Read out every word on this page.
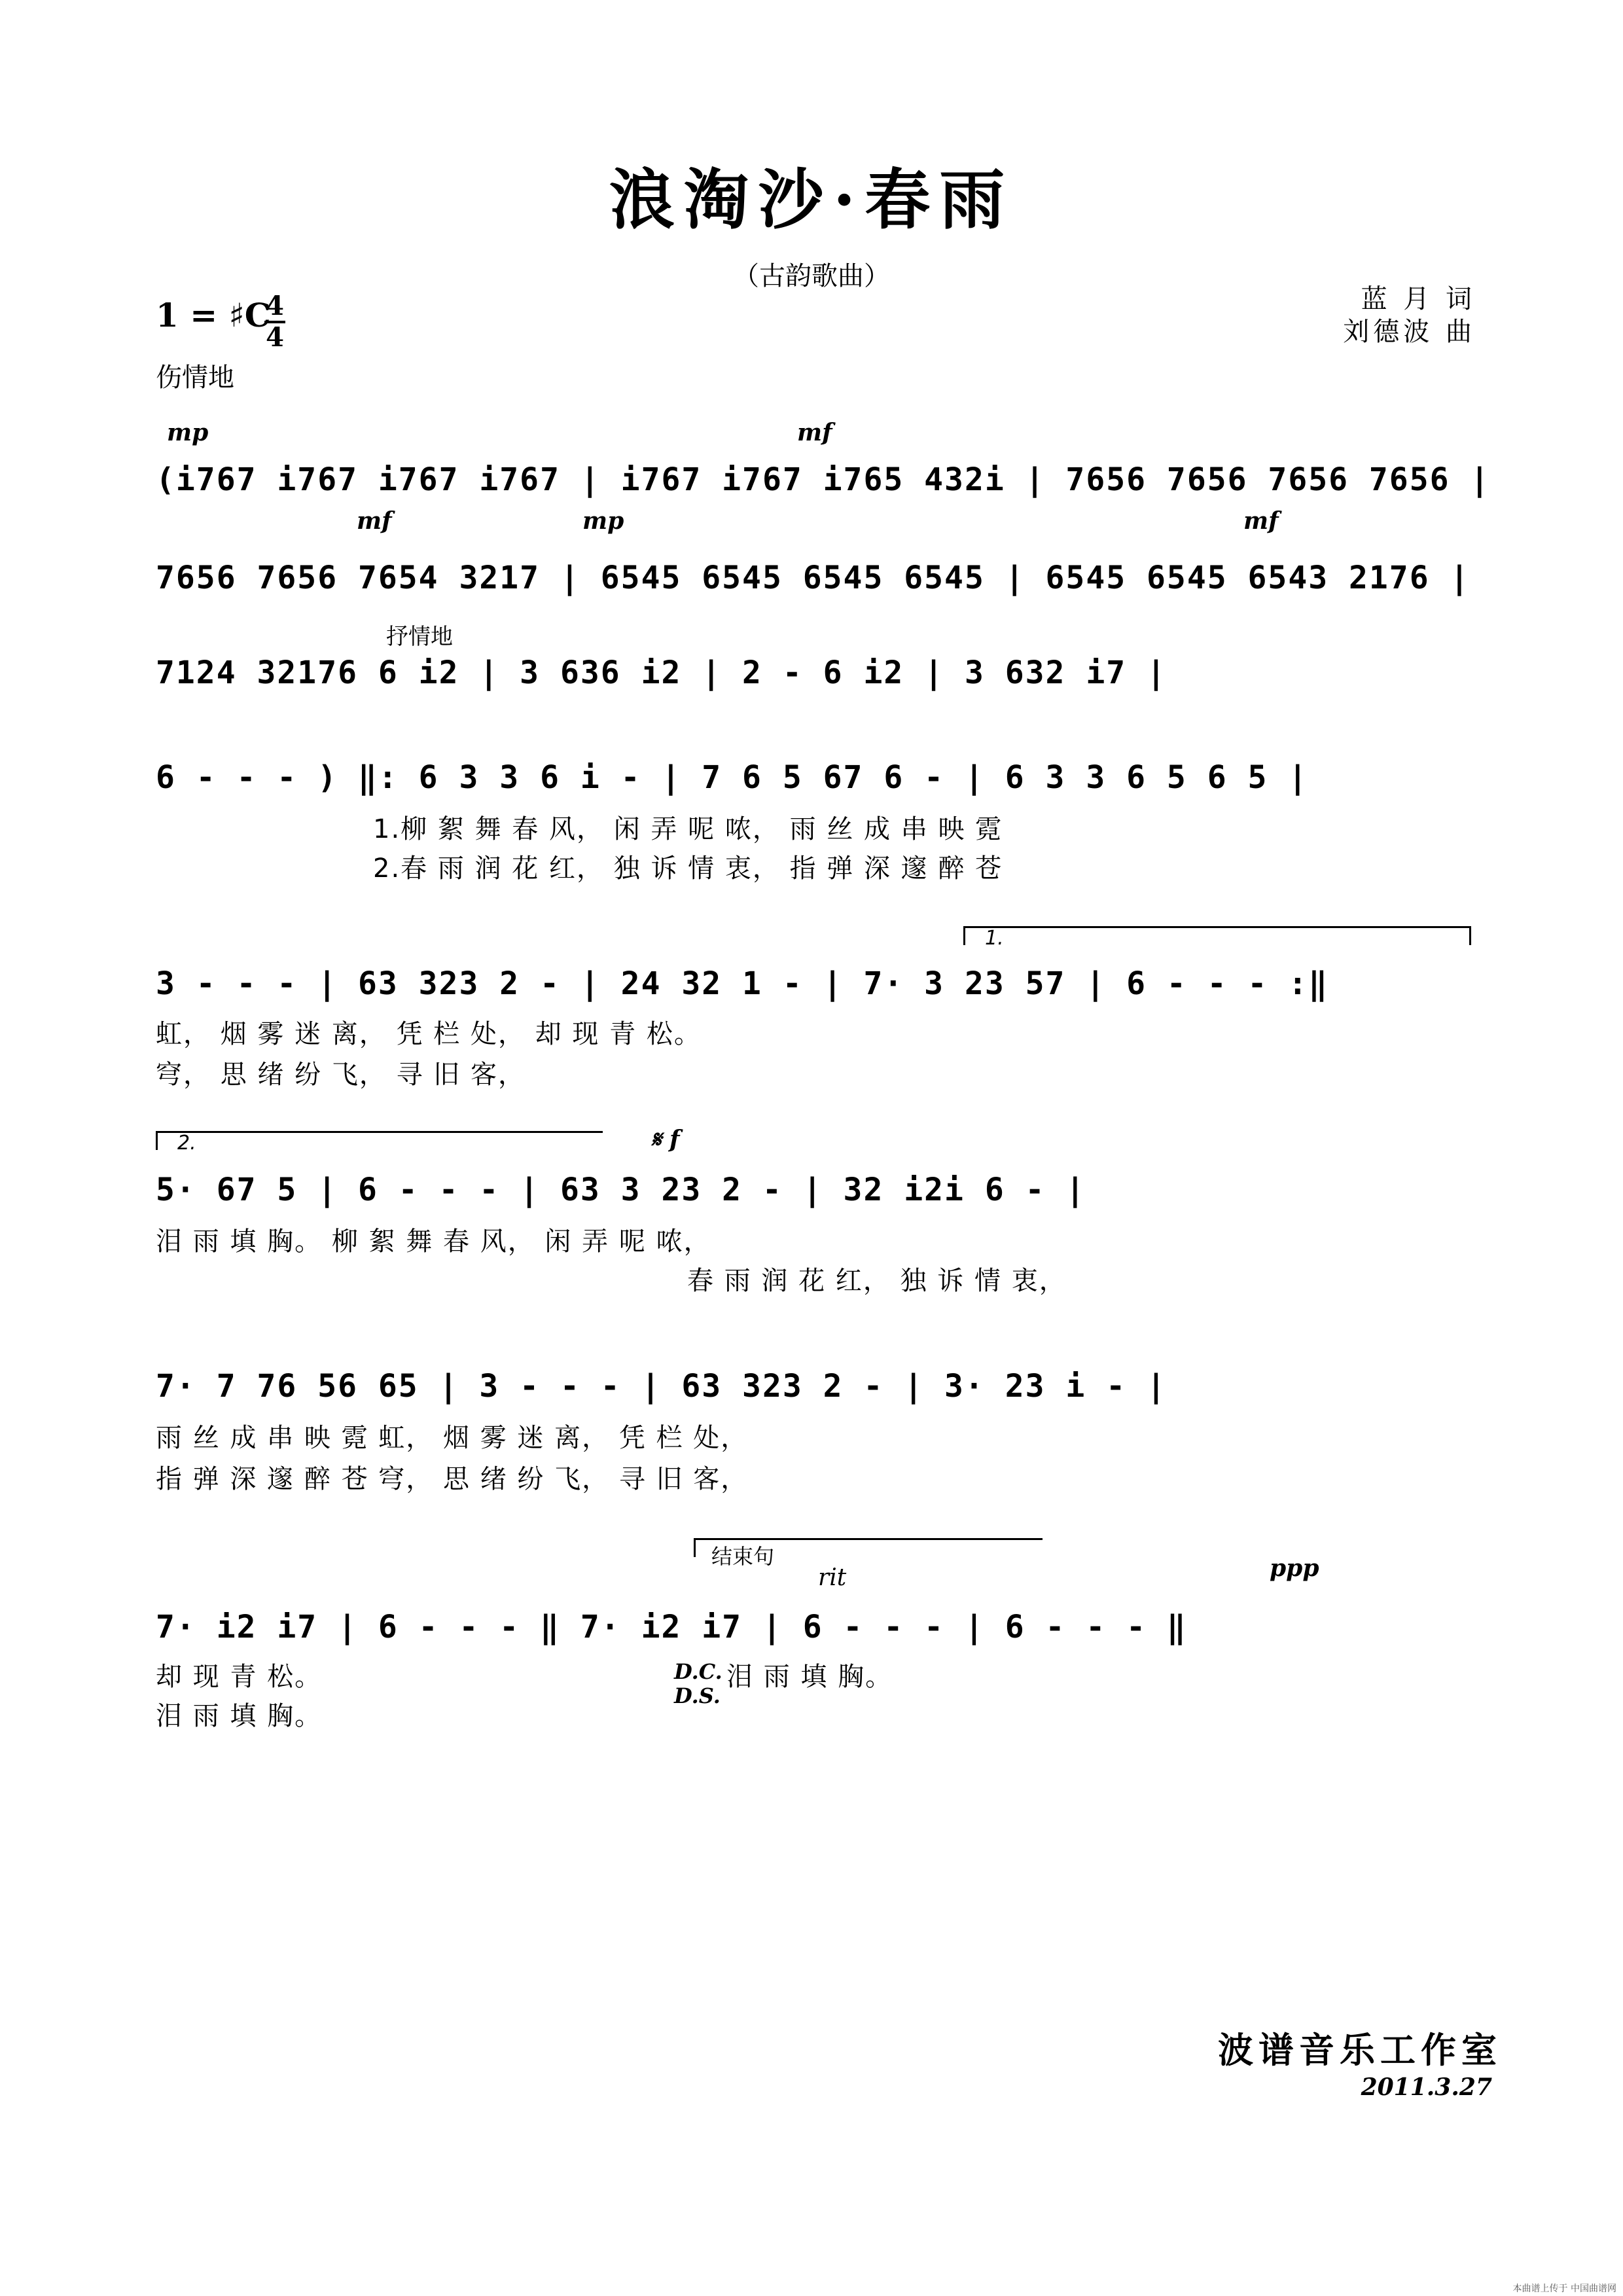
浪淘沙·春雨
（古韵歌曲）
蓝 月 词
刘德波 曲
1 = ♯C
4
4
伤情地
mp	mf
(i767 i767 i767 i767 | i767 i767 i765 432i | 7656 7656 7656 7656 |
mf	mp	mf
7656 7656 7654 3217 | 6545 6545 6545 6545 | 6545 6545 6543 2176 |
抒情地
7124 32176 6 i2 | 3 636 i2 | 2 - 6 i2 | 3 632 i7 |
6 - - - ) ‖: 6 3 3 6 i - | 7 6 5 67 6 - | 6 3 3 6 5 6 5 |
1.柳 絮 舞 春 风， 闲 弄 呢 哝， 雨 丝 成 串 映 霓
2.春 雨 润 花 红， 独 诉 情 衷， 指 弹 深 邃 醉 苍
1.
3 - - - | 63 323 2 - | 24 32 1 - | 7· 3 23 57 | 6 - - - :‖
虹， 烟 雾 迷 离， 凭 栏 处， 却 现 青 松。
穹， 思 绪 纷 飞， 寻 旧 客，
2.	𝄋 f
5· 67 5 | 6 - - - | 63 3 23 2 - | 32 i2i 6 - |
泪 雨 填 胸。 柳 絮 舞 春 风， 闲 弄 呢 哝，
春 雨 润 花 红， 独 诉 情 衷，
7· 7 76 56 65 | 3 - - - | 63 323 2 - | 3· 23 i - |
雨 丝 成 串 映 霓 虹， 烟 雾 迷 离， 凭 栏 处，
指 弹 深 邃 醉 苍 穹， 思 绪 纷 飞， 寻 旧 客，
结束句
rit	ppp
7· i2 i7 | 6 - - - ‖ 7· i2 i7 | 6 - - - | 6 - - - ‖
却 现 青 松。
泪 雨 填 胸。
D.C.
D.S.
泪 雨 填 胸。
波谱音乐工作室
2011.3.27
本曲谱上传于 中国曲谱网
